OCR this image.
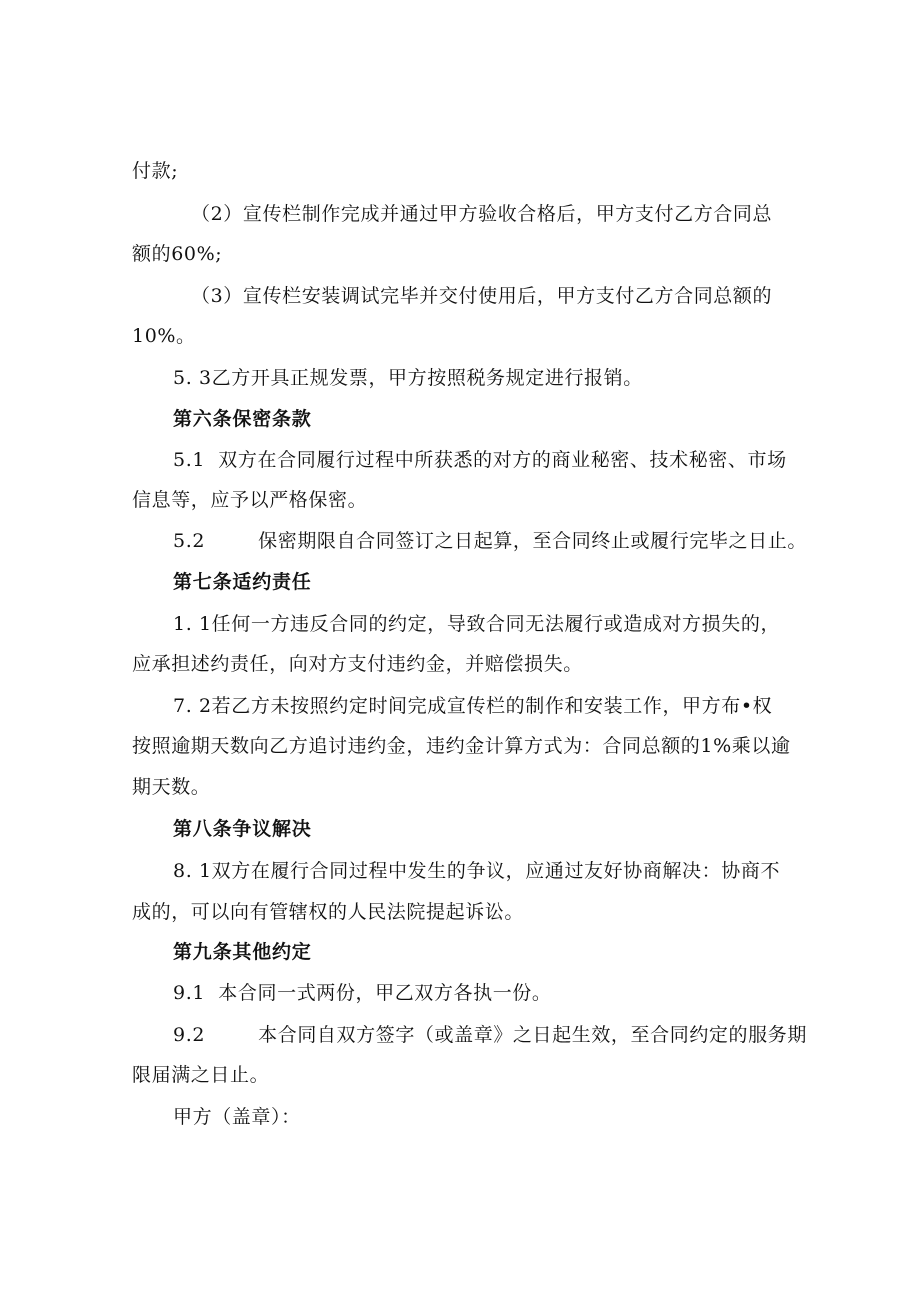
付款;
（2）宣传栏制作完成并通过甲方验收合格后，甲方支付乙方合同总
额的60%;
（3）宣传栏安装调试完毕并交付使用后，甲方支付乙方合同总额的
10%。
5. 3乙方开具正规发票，甲方按照税务规定进行报销。
第六条保密条款
5.1  双方在合同履行过程中所获悉的对方的商业秘密、技术秘密、市场
信息等，应予以严格保密。
5.2        保密期限自合同签订之日起算，至合同终止或履行完毕之日止。
第七条适约责任
1. 1任何一方违反合同的约定，导致合同无法履行或造成对方损失的，
应承担述约责任，向对方支付违约金，并赔偿损失。
7. 2若乙方未按照约定时间完成宣传栏的制作和安装工作，甲方布•权
按照逾期天数向乙方追讨违约金，违约金计算方式为：合同总额的1%乘以逾
期天数。
第八条争议解决
8. 1双方在履行合同过程中发生的争议，应通过友好协商解决：协商不
成的，可以向有管辖权的人民法院提起诉讼。
第九条其他约定
9.1  本合同一式两份，甲乙双方各执一份。
9.2        本合同自双方签字（或盖章》之日起生效，至合同约定的服务期
限届满之日止。
甲方（盖章）：
